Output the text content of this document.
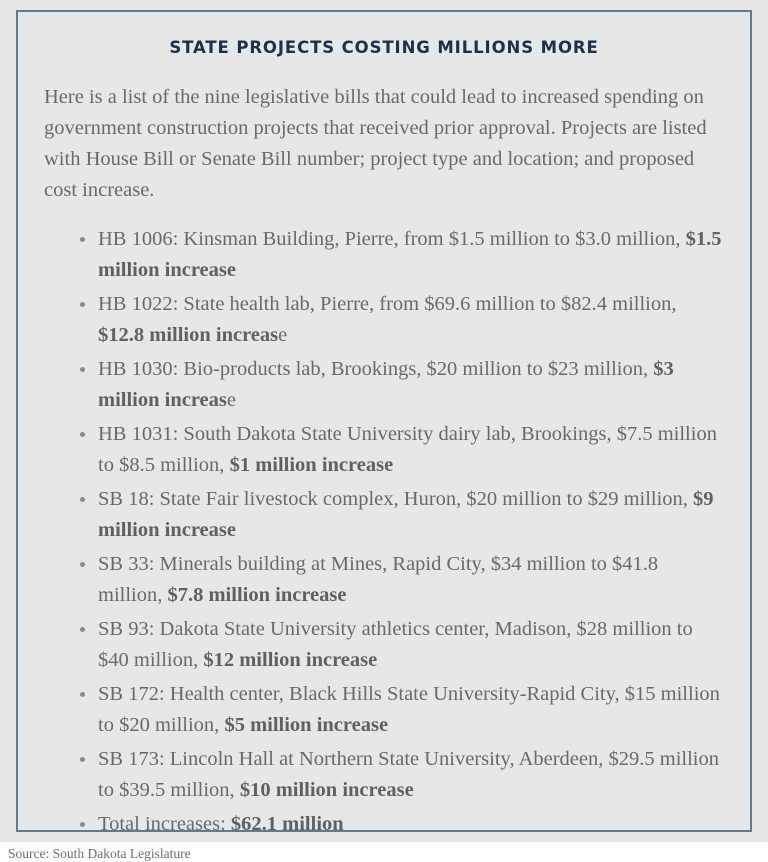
STATE PROJECTS COSTING MILLIONS MORE

Here is a list of the nine legislative bills that could lead to increased spending on government construction projects that received prior approval. Projects are listed with House Bill or Senate Bill number; project type and location; and proposed cost increase.

HB 1006: Kinsman Building, Pierre, from $1.5 million to $3.0 million, $1.5 million increase
HB 1022: State health lab, Pierre, from $69.6 million to $82.4 million, $12.8 million increase
HB 1030: Bio-products lab, Brookings, $20 million to $23 million, $3 million increase
HB 1031: South Dakota State University dairy lab, Brookings, $7.5 million to $8.5 million, $1 million increase
SB 18: State Fair livestock complex, Huron, $20 million to $29 million, $9 million increase
SB 33: Minerals building at Mines, Rapid City, $34 million to $41.8 million, $7.8 million increase
SB 93: Dakota State University athletics center, Madison, $28 million to $40 million, $12 million increase
SB 172: Health center, Black Hills State University-Rapid City, $15 million to $20 million, $5 million increase
SB 173: Lincoln Hall at Northern State University, Aberdeen, $29.5 million to $39.5 million, $10 million increase
Total increases: $62.1 million
Source: South Dakota Legislature
